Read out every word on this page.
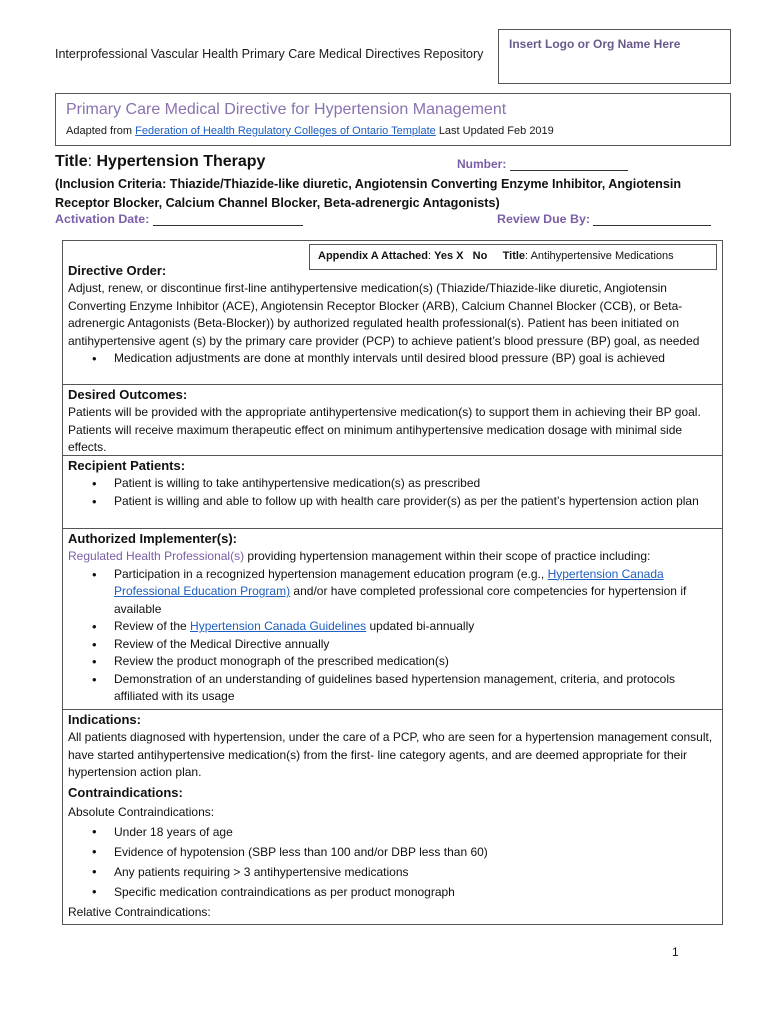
Interprofessional Vascular Health Primary Care Medical Directives Repository
Insert Logo or Org Name Here
Primary Care Medical Directive for Hypertension Management
Adapted from Federation of Health Regulatory Colleges of Ontario Template Last Updated Feb 2019
Title: Hypertension Therapy	Number:
(Inclusion Criteria: Thiazide/Thiazide-like diuretic, Angiotensin Converting Enzyme Inhibitor, Angiotensin Receptor Blocker, Calcium Channel Blocker, Beta-adrenergic Antagonists)
Activation Date:	Review Due By:
Appendix A Attached: Yes X No Title: Antihypertensive Medications
Directive Order:

Adjust, renew, or discontinue first-line antihypertensive medication(s) (Thiazide/Thiazide-like diuretic, Angiotensin Converting Enzyme Inhibitor (ACE), Angiotensin Receptor Blocker (ARB), Calcium Channel Blocker (CCB), or Beta-adrenergic Antagonists (Beta-Blocker)) by authorized regulated health professional(s). Patient has been initiated on antihypertensive agent (s) by the primary care provider (PCP) to achieve patient’s blood pressure (BP) goal, as needed

• Medication adjustments are done at monthly intervals until desired blood pressure (BP) goal is achieved
Desired Outcomes:

Patients will be provided with the appropriate antihypertensive medication(s) to support them in achieving their BP goal. Patients will receive maximum therapeutic effect on minimum antihypertensive medication dosage with minimal side effects.

Recipient Patients:
• Patient is willing to take antihypertensive medication(s) as prescribed
• Patient is willing and able to follow up with health care provider(s) as per the patient’s hypertension action plan
Authorized Implementer(s):

Regulated Health Professional(s) providing hypertension management within their scope of practice including:

• Participation in a recognized hypertension management education program (e.g., Hypertension Canada Professional Education Program) and/or have completed professional core competencies for hypertension if available
• Review of the Hypertension Canada Guidelines updated bi-annually
• Review of the Medical Directive annually
• Review the product monograph of the prescribed medication(s)
• Demonstration of an understanding of guidelines based hypertension management, criteria, and protocols affiliated with its usage
Indications:

All patients diagnosed with hypertension, under the care of a PCP, who are seen for a hypertension management consult, have started antihypertensive medication(s) from the first- line category agents, and are deemed appropriate for their hypertension action plan.

Contraindications:

Absolute Contraindications:

• Under 18 years of age
• Evidence of hypotension (SBP less than 100 and/or DBP less than 60)
• Any patients requiring > 3 antihypertensive medications
• Specific medication contraindications as per product monograph

Relative Contraindications:

1
